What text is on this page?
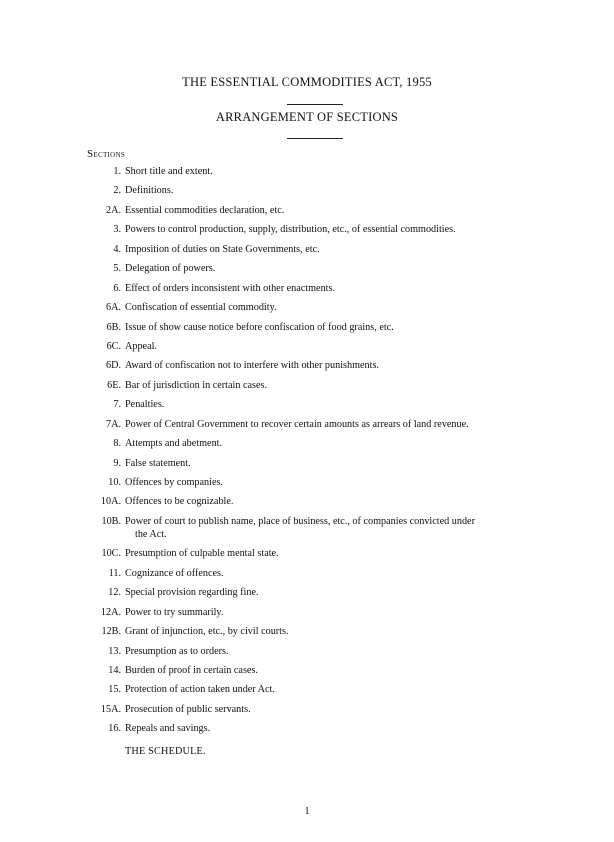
THE ESSENTIAL COMMODITIES ACT, 1955
ARRANGEMENT OF SECTIONS
Sections
1. Short title and extent.
2. Definitions.
2A. Essential commodities declaration, etc.
3. Powers to control production, supply, distribution, etc., of essential commodities.
4. Imposition of duties on State Governments, etc.
5. Delegation of powers.
6. Effect of orders inconsistent with other enactments.
6A. Confiscation of essential commodity.
6B. Issue of show cause notice before confiscation of food grains, etc.
6C. Appeal.
6D. Award of confiscation not to interfere with other punishments.
6E. Bar of jurisdiction in certain cases.
7. Penalties.
7A. Power of Central Government to recover certain amounts as arrears of land revenue.
8. Attempts and abetment.
9. False statement.
10. Offences by companies.
10A. Offences to be cognizable.
10B. Power of court to publish name, place of business, etc., of companies convicted under
the Act.
10C. Presumption of culpable mental state.
11. Cognizance of offences.
12. Special provision regarding fine.
12A. Power to try summarily.
12B. Grant of injunction, etc., by civil courts.
13. Presumption as to orders.
14. Burden of proof in certain cases.
15. Protection of action taken under Act.
15A. Prosecution of public servants.
16. Repeals and savings.
THE SCHEDULE.
1
